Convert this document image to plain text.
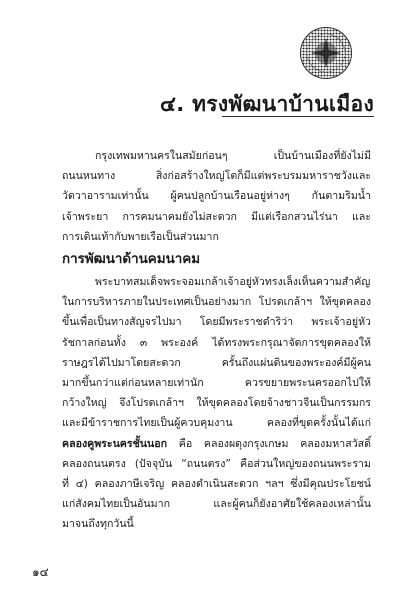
๔. ทรงพัฒนาบ้านเมือง

กรุงเทพมหานครในสมัยก่อนๆ เป็นบ้านเมืองที่ยังไม่มี

ถนนหนทาง สิ่งก่อสร้างใหญ่โตก็มีแต่พระบรมมหาราชวังและ

วัดวาอารามเท่านั้น ผู้คนปลูกบ้านเรือนอยู่ห่างๆ กันตามริมน้ำ

เจ้าพระยา การคมนาคมยังไม่สะดวก มีแต่เรือกสวนไร่นา และ

การเดินเท้ากับพายเรือเป็นส่วนมาก

การพัฒนาด้านคมนาคม

พระบาทสมเด็จพระจอมเกล้าเจ้าอยู่หัวทรงเล็งเห็นความสำคัญ

ในการบริหารภายในประเทศเป็นอย่างมาก โปรดเกล้าฯ ให้ขุดคลอง

ขึ้นเพื่อเป็นทางสัญจรไปมา โดยมีพระราชดำริว่า พระเจ้าอยู่หัว

รัชกาลก่อนทั้ง ๓ พระองค์ ได้ทรงพระกรุณาจัดการขุดคลองให้

ราษฎรได้ไปมาโดยสะดวก ครั้นถึงแผ่นดินของพระองค์มีผู้คน

มากขึ้นกว่าแต่ก่อนหลายเท่านัก ควรขยายพระนครออกไปให้

กว้างใหญ่ จึงโปรดเกล้าฯ ให้ขุดคลองโดยจ้างชาวจีนเป็นกรรมกร

และมีข้าราชการไทยเป็นผู้ควบคุมงาน คลองที่ขุดครั้งนั้นได้แก่

คลองคูพระนครชั้นนอก คือ คลองผดุงกรุงเกษม คลองมหาสวัสดิ์

คลองถนนตรง (ปัจจุบัน “ถนนตรง” คือส่วนใหญ่ของถนนพระราม

ที่ ๔) คลองภาษีเจริญ คลองดำเนินสะดวก ฯลฯ ซึ่งมีคุณประโยชน์

แก่สังคมไทยเป็นอันมาก และผู้คนก็ยังอาศัยใช้คลองเหล่านั้น

มาจนถึงทุกวันนี้

๑๔
